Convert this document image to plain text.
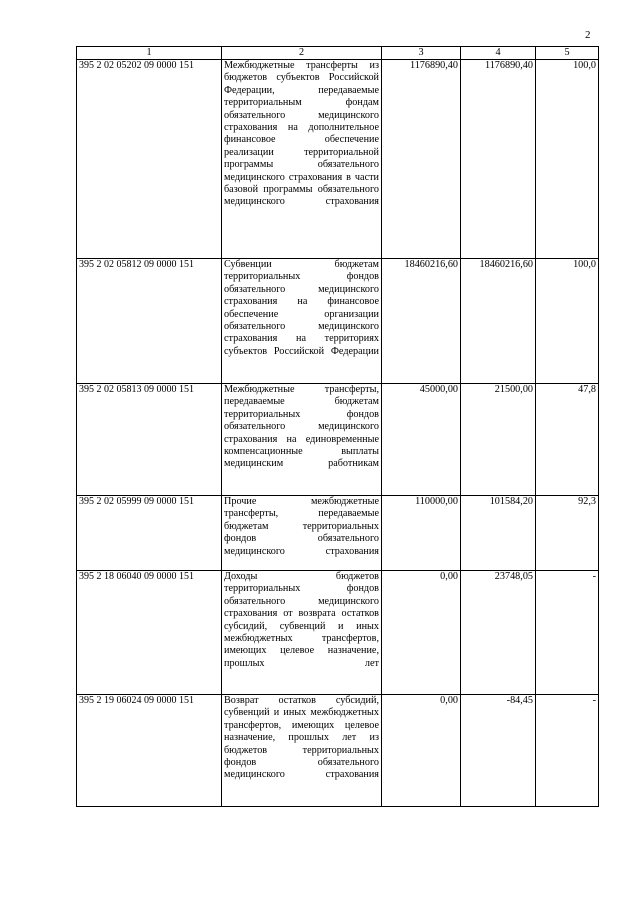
2
1	2	3	4	5
395 2 02 05202 09 0000 151	Межбюджетные трансферты из бюджетов субъектов Российской Федерации, передаваемые территориальным фондам обязательного медицинского страхования на дополнительное финансовое обеспечение реализации территориальной программы обязательного медицинского страхования в части базовой программы обязательного медицинского страхования	1176890,40	1176890,40	100,0
395 2 02 05812 09 0000 151	Субвенции бюджетам территориальных фондов обязательного медицинского страхования на финансовое обеспечение организации обязательного медицинского страхования на территориях субъектов Российской Федерации	18460216,60	18460216,60	100,0
395 2 02 05813 09 0000 151	Межбюджетные трансферты, передаваемые бюджетам территориальных фондов обязательного медицинского страхования на единовременные компенсационные выплаты медицинским работникам	45000,00	21500,00	47,8
395 2 02 05999 09 0000 151	Прочие межбюджетные трансферты, передаваемые бюджетам территориальных фондов обязательного медицинского страхования	110000,00	101584,20	92,3
395 2 18 06040 09 0000 151	Доходы бюджетов территориальных фондов обязательного медицинского страхования от возврата остатков субсидий, субвенций и иных межбюджетных трансфертов, имеющих целевое назначение, прошлых лет	0,00	23748,05	-
395 2 19 06024 09 0000 151	Возврат остатков субсидий, субвенций и иных межбюджетных трансфертов, имеющих целевое назначение, прошлых лет из бюджетов территориальных фондов обязательного медицинского страхования	0,00	-84,45	-
